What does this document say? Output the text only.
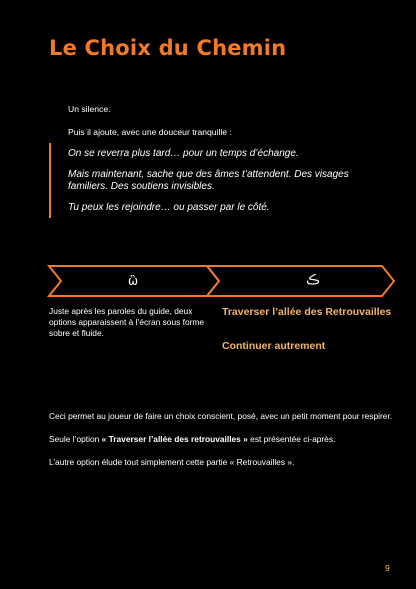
Le Choix du Chemin
Un silence.
Puis il ajoute, avec une douceur tranquille :

On se reverra plus tard… pour un temps d’échange.

Mais maintenant, sache que des âmes t’attendent. Des visages familiers. Des soutiens invisibles.

Tu peux les rejoindre… ou passer par le côté.

ὣ	ڪ
Juste après les paroles du guide, deux options apparaissent à l’écran sous forme sobre et fluide.
Traverser l’allée des Retrouvailles
Continuer autrement
Ceci permet au joueur de faire un choix conscient, posé, avec un petit moment pour respirer.
Seule l’option « Traverser l’allée des retrouvailles » est présentée ci-après.
L’autre option élude tout simplement cette partie « Retrouvailles ».
9
